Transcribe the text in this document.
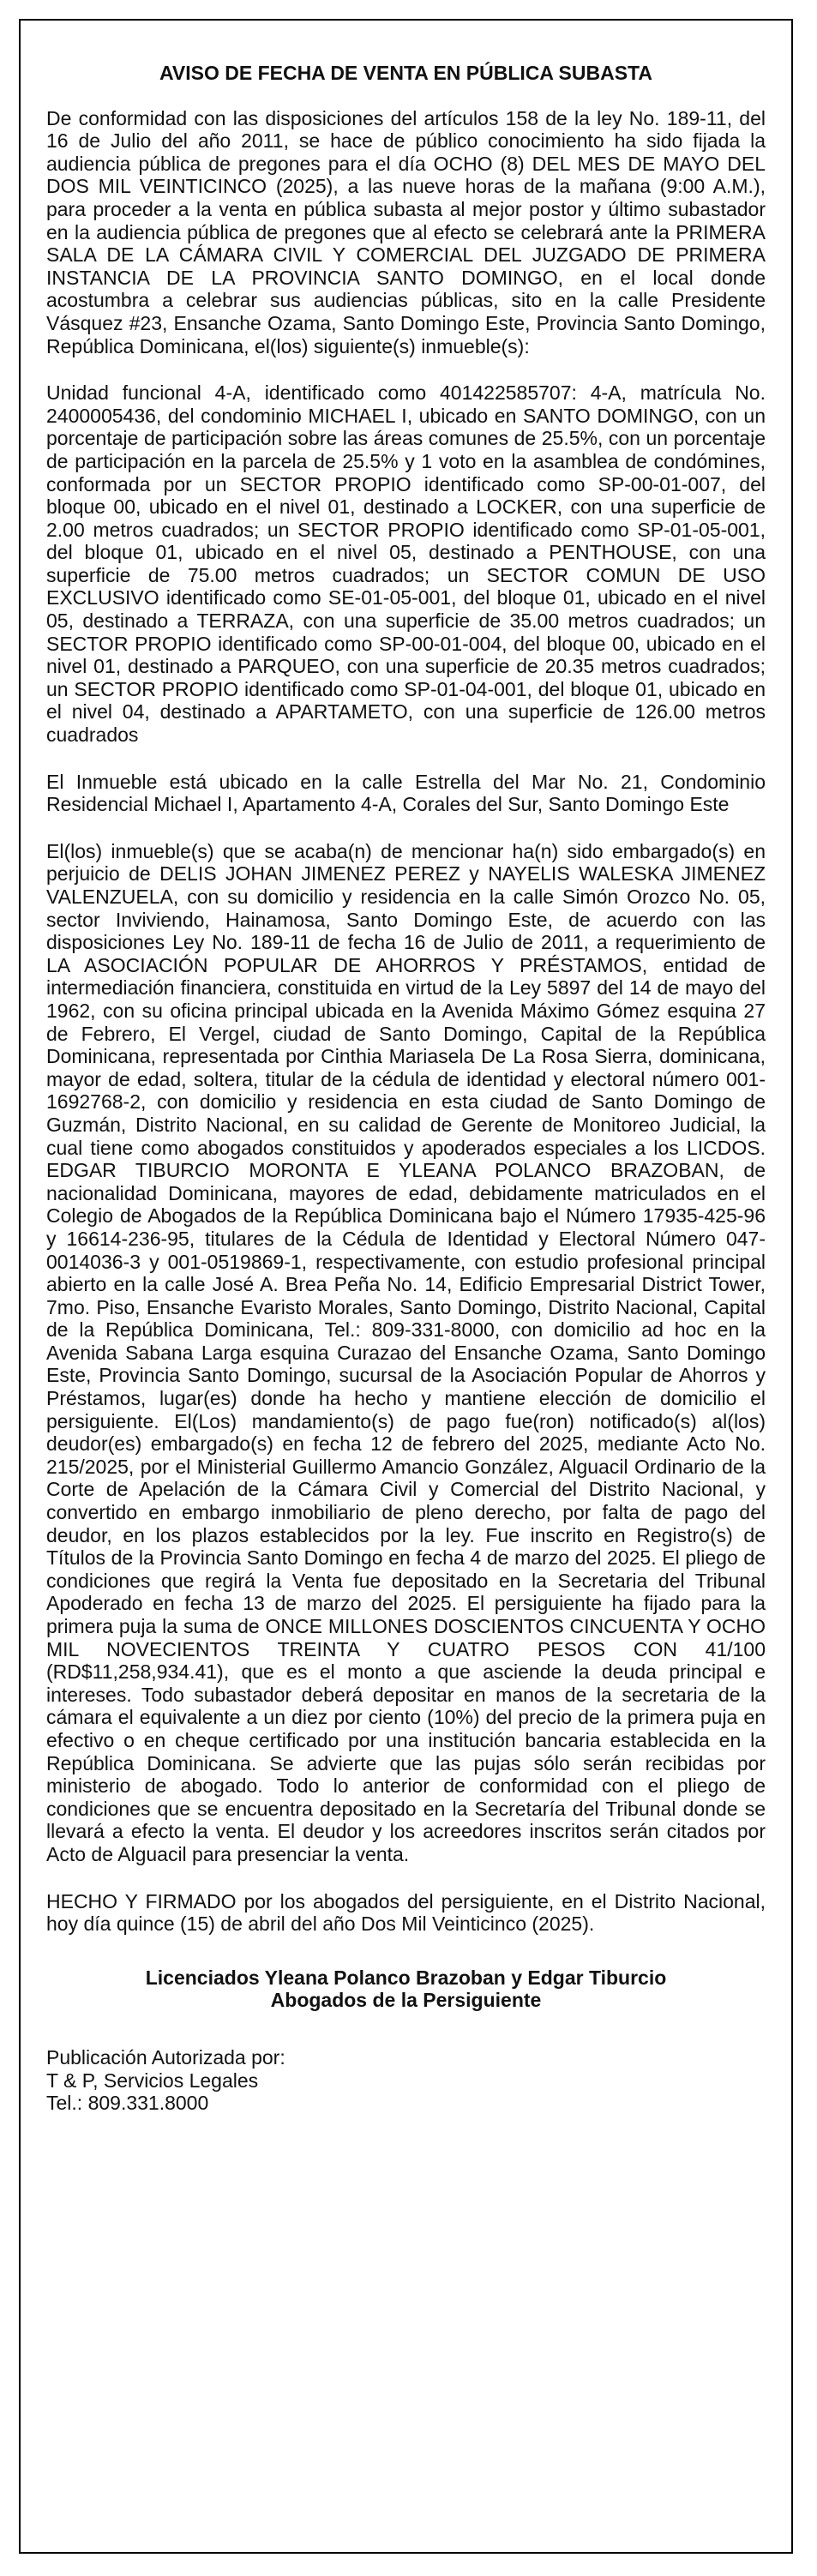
AVISO DE FECHA DE VENTA EN PÚBLICA SUBASTA

De conformidad con las disposiciones del artículos 158 de la ley No. 189-11, del 16 de Julio del año 2011, se hace de público conocimiento ha sido fijada la audiencia pública de pregones para el día OCHO (8) DEL MES DE MAYO DEL DOS MIL VEINTICINCO (2025), a las nueve horas de la mañana (9:00 A.M.), para proceder a la venta en pública subasta al mejor postor y último subastador en la audiencia pública de pregones que al efecto se celebrará ante la PRIMERA SALA DE LA CÁMARA CIVIL Y COMERCIAL DEL JUZGADO DE PRIMERA INSTANCIA DE LA PROVINCIA SANTO DOMINGO, en el local donde acostumbra a celebrar sus audiencias públicas, sito en la calle Presidente Vásquez #23, Ensanche Ozama, Santo Domingo Este, Provincia Santo Domingo, República Dominicana, el(los) siguiente(s) inmueble(s):

Unidad funcional 4-A, identificado como 401422585707: 4-A, matrícula No. 2400005436, del condominio MICHAEL I, ubicado en SANTO DOMINGO, con un porcentaje de participación sobre las áreas comunes de 25.5%, con un porcentaje de participación en la parcela de 25.5% y 1 voto en la asamblea de condómines, conformada por un SECTOR PROPIO identificado como SP-00-01-007, del bloque 00, ubicado en el nivel 01, destinado a LOCKER, con una superficie de 2.00 metros cuadrados; un SECTOR PROPIO identificado como SP-01-05-001, del bloque 01, ubicado en el nivel 05, destinado a PENTHOUSE, con una superficie de 75.00 metros cuadrados; un SECTOR COMUN DE USO EXCLUSIVO identificado como SE-01-05-001, del bloque 01, ubicado en el nivel 05, destinado a TERRAZA, con una superficie de 35.00 metros cuadrados; un SECTOR PROPIO identificado como SP-00-01-004, del bloque 00, ubicado en el nivel 01, destinado a PARQUEO, con una superficie de 20.35 metros cuadrados; un SECTOR PROPIO identificado como SP-01-04-001, del bloque 01, ubicado en el nivel 04, destinado a APARTAMETO, con una superficie de 126.00 metros cuadrados

El Inmueble está ubicado en la calle Estrella del Mar No. 21, Condominio Residencial Michael I, Apartamento 4-A, Corales del Sur, Santo Domingo Este

El(los) inmueble(s) que se acaba(n) de mencionar ha(n) sido embargado(s) en perjuicio de DELIS JOHAN JIMENEZ PEREZ y NAYELIS WALESKA JIMENEZ VALENZUELA, con su domicilio y residencia en la calle Simón Orozco No. 05, sector Inviviendo, Hainamosa, Santo Domingo Este, de acuerdo con las disposiciones Ley No. 189-11 de fecha 16 de Julio de 2011, a requerimiento de LA ASOCIACIÓN POPULAR DE AHORROS Y PRÉSTAMOS, entidad de intermediación financiera, constituida en virtud de la Ley 5897 del 14 de mayo del 1962, con su oficina principal ubicada en la Avenida Máximo Gómez esquina 27 de Febrero, El Vergel, ciudad de Santo Domingo, Capital de la República Dominicana, representada por Cinthia Mariasela De La Rosa Sierra, dominicana, mayor de edad, soltera, titular de la cédula de identidad y electoral número 001-1692768-2, con domicilio y residencia en esta ciudad de Santo Domingo de Guzmán, Distrito Nacional, en su calidad de Gerente de Monitoreo Judicial, la cual tiene como abogados constituidos y apoderados especiales a los LICDOS. EDGAR TIBURCIO MORONTA E YLEANA POLANCO BRAZOBAN, de nacionalidad Dominicana, mayores de edad, debidamente matriculados en el Colegio de Abogados de la República Dominicana bajo el Número 17935-425-96 y 16614-236-95, titulares de la Cédula de Identidad y Electoral Número 047-0014036-3 y 001-0519869-1, respectivamente, con estudio profesional principal abierto en la calle José A. Brea Peña No. 14, Edificio Empresarial District Tower, 7mo. Piso, Ensanche Evaristo Morales, Santo Domingo, Distrito Nacional, Capital de la República Dominicana, Tel.: 809-331-8000, con domicilio ad hoc en la Avenida Sabana Larga esquina Curazao del Ensanche Ozama, Santo Domingo Este, Provincia Santo Domingo, sucursal de la Asociación Popular de Ahorros y Préstamos, lugar(es) donde ha hecho y mantiene elección de domicilio el persiguiente. El(Los) mandamiento(s) de pago fue(ron) notificado(s) al(los) deudor(es) embargado(s) en fecha 12 de febrero del 2025, mediante Acto No. 215/2025, por el Ministerial Guillermo Amancio González, Alguacil Ordinario de la Corte de Apelación de la Cámara Civil y Comercial del Distrito Nacional, y convertido en embargo inmobiliario de pleno derecho, por falta de pago del deudor, en los plazos establecidos por la ley. Fue inscrito en Registro(s) de Títulos de la Provincia Santo Domingo en fecha 4 de marzo del 2025. El pliego de condiciones que regirá la Venta fue depositado en la Secretaria del Tribunal Apoderado en fecha 13 de marzo del 2025. El persiguiente ha fijado para la primera puja la suma de ONCE MILLONES DOSCIENTOS CINCUENTA Y OCHO MIL NOVECIENTOS TREINTA Y CUATRO PESOS CON 41/100 (RD$11,258,934.41), que es el monto a que asciende la deuda principal e intereses. Todo subastador deberá depositar en manos de la secretaria de la cámara el equivalente a un diez por ciento (10%) del precio de la primera puja en efectivo o en cheque certificado por una institución bancaria establecida en la República Dominicana. Se advierte que las pujas sólo serán recibidas por ministerio de abogado. Todo lo anterior de conformidad con el pliego de condiciones que se encuentra depositado en la Secretaría del Tribunal donde se llevará a efecto la venta. El deudor y los acreedores inscritos serán citados por Acto de Alguacil para presenciar la venta.

HECHO Y FIRMADO por los abogados del persiguiente, en el Distrito Nacional, hoy día quince (15) de abril del año Dos Mil Veinticinco (2025).

Licenciados Yleana Polanco Brazoban y Edgar Tiburcio
Abogados de la Persiguiente
Publicación Autorizada por:
T & P, Servicios Legales
Tel.: 809.331.8000
